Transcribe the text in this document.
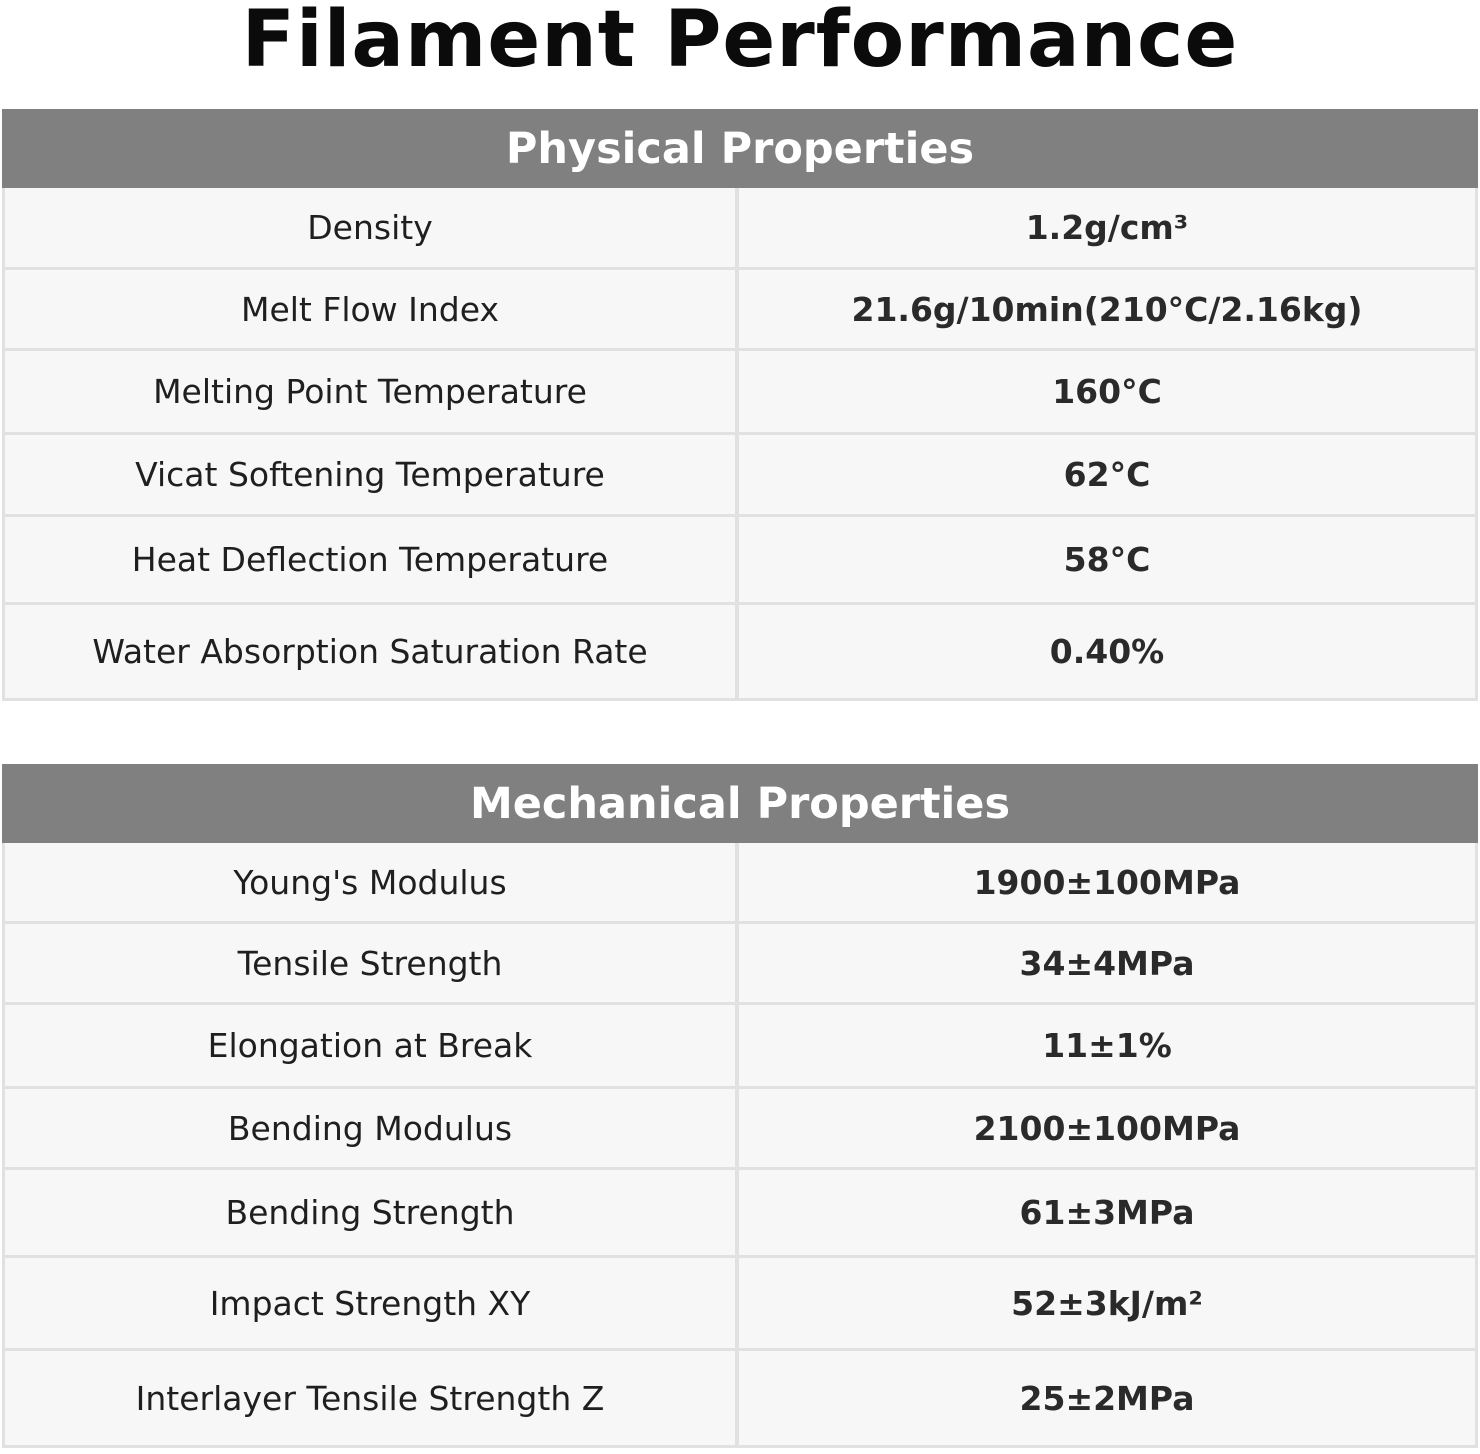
Filament Performance
Physical Properties
Density	1.2g/cm³
Melt Flow Index	21.6g/10min(210°C/2.16kg)
Melting Point Temperature	160°C
Vicat Softening Temperature	62°C
Heat Deflection Temperature	58°C
Water Absorption Saturation Rate	0.40%
Mechanical Properties
Young's Modulus	1900±100MPa
Tensile Strength	34±4MPa
Elongation at Break	11±1%
Bending Modulus	2100±100MPa
Bending Strength	61±3MPa
Impact Strength XY	52±3kJ/m²
Interlayer Tensile Strength Z	25±2MPa
